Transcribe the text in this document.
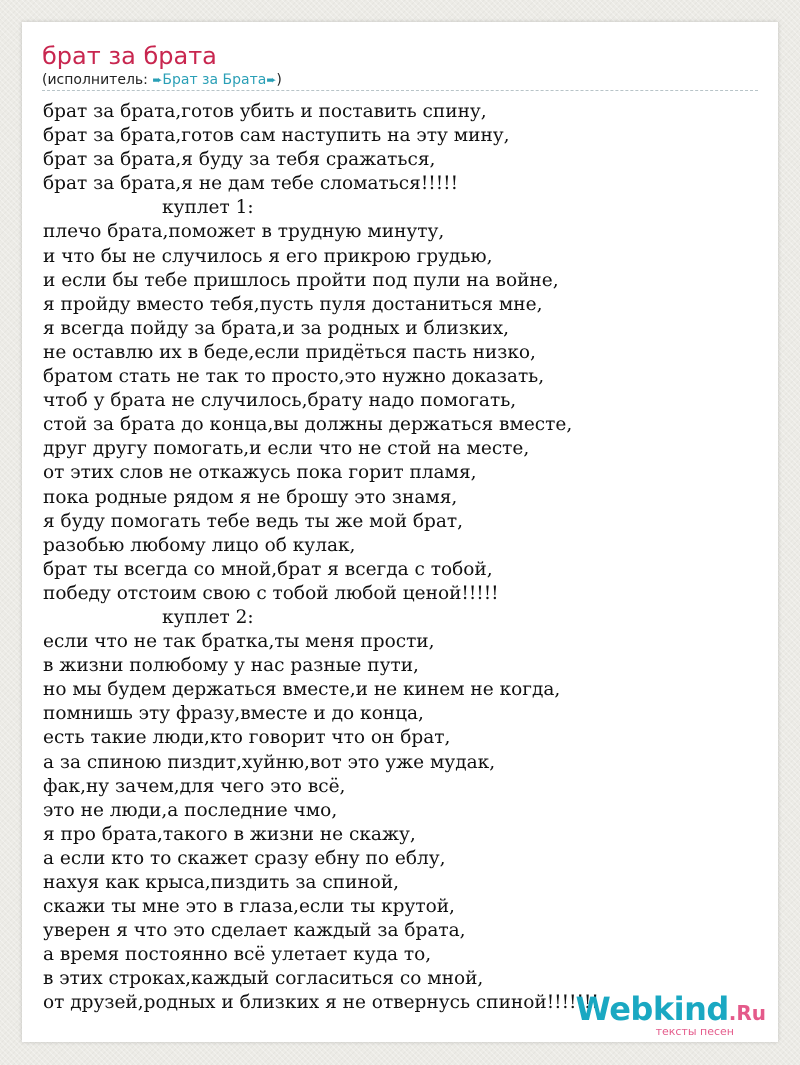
брат за брата
(исполнитель: ➨Брат за Брата➨)
брат за брата,готов убить и поставить спину,
брат за брата,готов сам наступить на эту мину,
брат за брата,я буду за тебя сражаться,
брат за брата,я не дам тебе сломаться!!!!!
куплет 1:
плечо брата,поможет в трудную минуту,
и что бы не случилось я его прикрою грудью,
и если бы тебе пришлось пройти под пули на войне,
я пройду вместо тебя,пусть пуля достаниться мне,
я всегда пойду за брата,и за родных и близких,
не оставлю их в беде,если придёться пасть низко,
братом стать не так то просто,это нужно доказать,
чтоб у брата не случилось,брату надо помогать,
стой за брата до конца,вы должны держаться вместе,
друг другу помогать,и если что не стой на месте,
от этих слов не откажусь пока горит пламя,
пока родные рядом я не брошу это знамя,
я буду помогать тебе ведь ты же мой брат,
разобью любому лицо об кулак,
брат ты всегда со мной,брат я всегда с тобой,
победу отстоим свою с тобой любой ценой!!!!!
куплет 2:
если что не так братка,ты меня прости,
в жизни полюбому у нас разные пути,
но мы будем держаться вместе,и не кинем не когда,
помнишь эту фразу,вместе и до конца,
есть такие люди,кто говорит что он брат,
а за спиною пиздит,хуйню,вот это уже мудак,
фак,ну зачем,для чего это всё,
это не люди,а последние чмо,
я про брата,такого в жизни не скажу,
а если кто то скажет сразу ебну по еблу,
нахуя как крыса,пиздить за спиной,
скажи ты мне это в глаза,если ты крутой,
уверен я что это сделает каждый за брата,
а время постоянно всё улетает куда то,
в этих строках,каждый согласиться со мной,
от друзей,родных и близких я не отвернусь спиной!!!!!!!
Webkind.Ru
тексты песен
